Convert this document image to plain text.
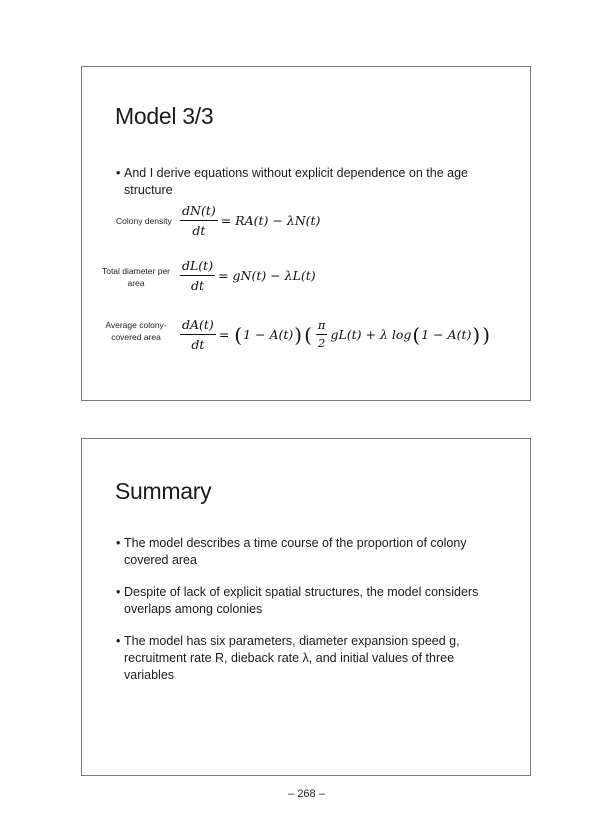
Model 3/3
• And I derive equations without explicit dependence on the age structure
Colony density $\frac{dN(t)}{dt} = RA(t) - \lambda N(t)$
Total diameter per area	$\frac{dL(t)}{dt} = gN(t) - \lambda L(t)$
Average colony-covered area	$\frac{dA(t)}{dt}$ = ( 1 − A(t) ) ( $\frac{\pi}{2} gL(t) + \lambda$ log ( 1 − A(t) ) )
Summary
• The model describes a time course of the proportion of colony covered area
• Despite of lack of explicit spatial structures, the model considers overlaps among colonies
• The model has six parameters, diameter expansion speed g, recruitment rate R, dieback rate λ, and initial values of three variables
– 268 –
